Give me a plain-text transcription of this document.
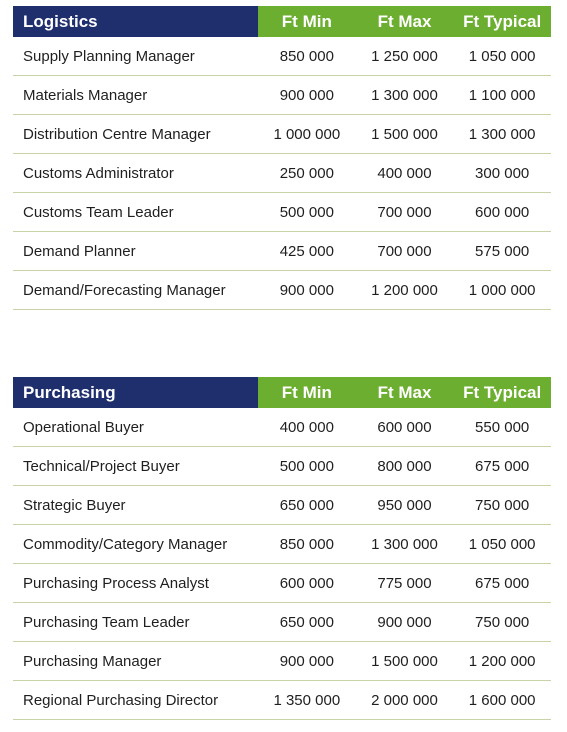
Logistics	Ft Min	Ft Max	Ft Typical
Supply Planning Manager	850 000	1 250 000	1 050 000
Materials Manager	900 000	1 300 000	1 100 000
Distribution Centre Manager	1 000 000	1 500 000	1 300 000
Customs Administrator	250 000	400 000	300 000
Customs Team Leader	500 000	700 000	600 000
Demand Planner	425 000	700 000	575 000
Demand/Forecasting Manager	900 000	1 200 000	1 000 000
Purchasing	Ft Min	Ft Max	Ft Typical
Operational Buyer	400 000	600 000	550 000
Technical/Project Buyer	500 000	800 000	675 000
Strategic Buyer	650 000	950 000	750 000
Commodity/Category Manager	850 000	1 300 000	1 050 000
Purchasing Process Analyst	600 000	775 000	675 000
Purchasing Team Leader	650 000	900 000	750 000
Purchasing Manager	900 000	1 500 000	1 200 000
Regional Purchasing Director	1 350 000	2 000 000	1 600 000
